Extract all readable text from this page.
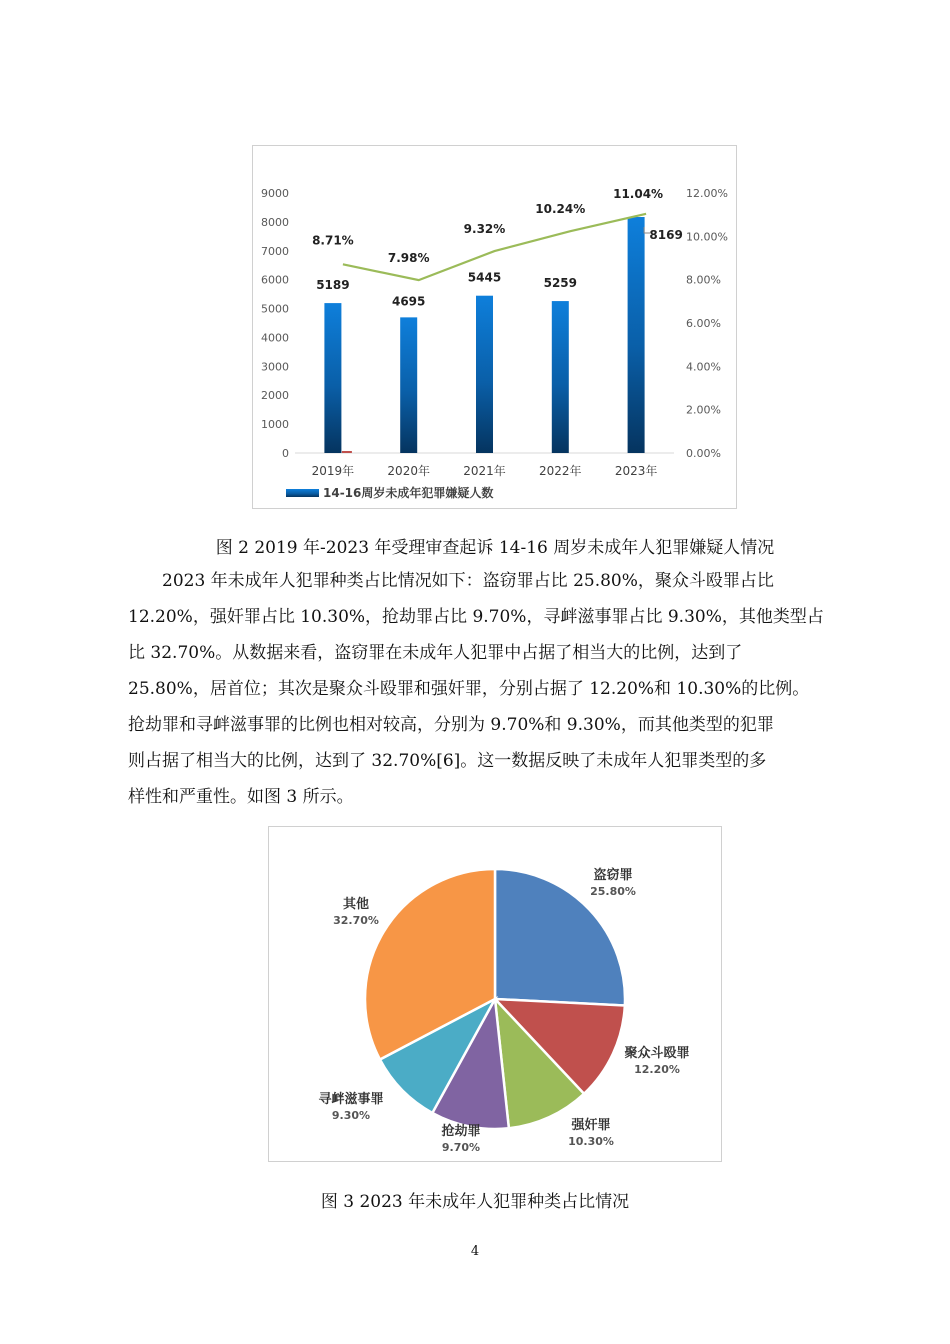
9000
8000
7000
6000
5000
4000
3000
2000
1000
0
12.00%
10.00%
8.00%
6.00%
4.00%
2.00%
0.00%
2019年	2020年	2021年	2022年	2023年
5189
4695
5445	5259
8169
8.71%
7.98%
9.32%
10.24%
11.04%
14-16周岁未成年犯罪嫌疑人数
图 2 2019 年-2023 年受理审查起诉 14-16 周岁未成年人犯罪嫌疑人情况
2023 年未成年人犯罪种类占比情况如下：盗窃罪占比 25.80%，聚众斗殴罪占比
12.20%，强奸罪占比 10.30%，抢劫罪占比 9.70%，寻衅滋事罪占比 9.30%，其他类型占
比 32.70%。从数据来看，盗窃罪在未成年人犯罪中占据了相当大的比例，达到了
25.80%，居首位；其次是聚众斗殴罪和强奸罪，分别占据了 12.20%和 10.30%的比例。
抢劫罪和寻衅滋事罪的比例也相对较高，分别为 9.70%和 9.30%，而其他类型的犯罪
则占据了相当大的比例，达到了 32.70%[6]。这一数据反映了未成年人犯罪类型的多
样性和严重性。如图 3 所示。
盗窃罪
25.80%
聚众斗殴罪
12.20%
强奸罪
10.30%
抢劫罪
9.70%
寻衅滋事罪
9.30%
其他
32.70%
图 3 2023 年未成年人犯罪种类占比情况
4
